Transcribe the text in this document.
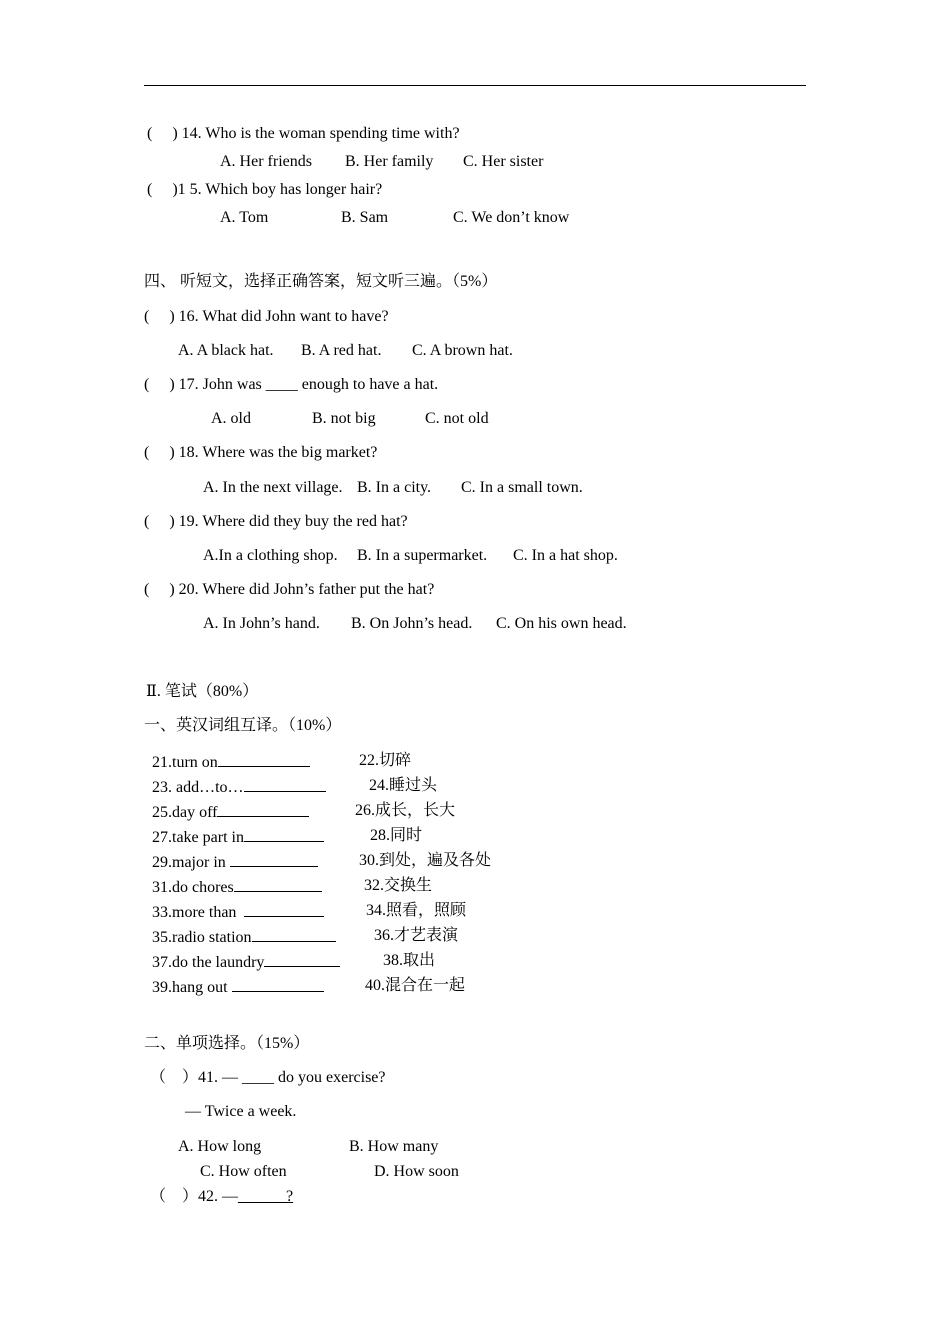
(     ) 14. Who is the woman spending time with?
A. Her friends B. Her family C. Her sister
(     )1 5. Which boy has longer hair?
A. Tom	B. Sam	C. We don’t know
四、 听短文，选择正确答案，短文听三遍。（5%）
(     ) 16. What did John want to have?
A. A black hat. B. A red hat. C. A brown hat.
(     ) 17. John was ____ enough to have a hat.
A. old	B. not big	C. not old
(     ) 18. Where was the big market?
A. In the next village. B. In a city. C. In a small town.
(     ) 19. Where did they buy the red hat?
A.In a clothing shop. B. In a supermarket. C. In a hat shop.
(     ) 20. Where did John’s father put the hat?
A. In John’s hand. B. On John’s head. C. On his own head.
Ⅱ. 笔试（80%）
一、英汉词组互译。（10%）
21.turn on	22.切碎
23. add…to…	24.睡过头
25.day off	26.成长，长大
27.take part in	28.同时
29.major in	30.到处，遍及各处
31.do chores	32.交换生
33.more than	34.照看，照顾
35.radio station	36.才艺表演
37.do the laundry	38.取出
39.hang out	40.混合在一起
二、单项选择。（15%）
（    ）41. — ____ do you exercise?
— Twice a week.
A. How long	B. How many
C. How often	D. How soon
（    ）42. —______?
